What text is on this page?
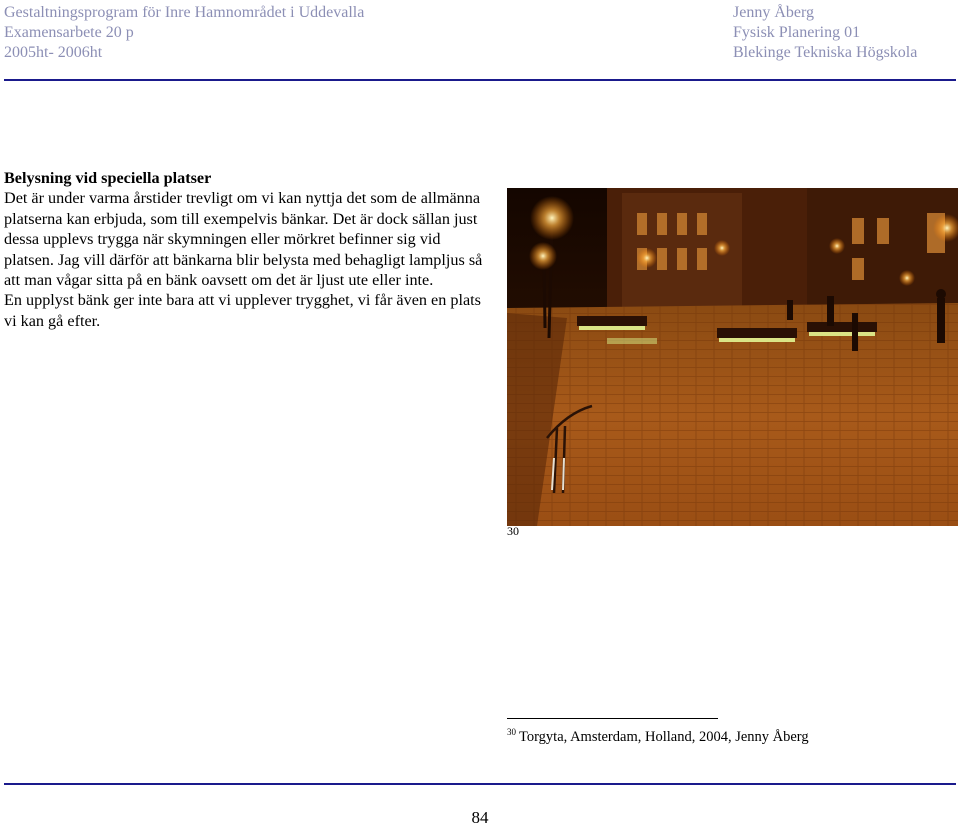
Gestaltningsprogram för Inre Hamnområdet i Uddevalla
Examensarbete 20 p
2005ht- 2006ht
Jenny Åberg
Fysisk Planering 01
Blekinge Tekniska Högskola

Belysning vid speciella platser

Det är under varma årstider trevligt om vi kan nyttja det som de allmänna platserna kan erbjuda, som till exempelvis bänkar. Det är dock sällan just dessa upplevs trygga när skymningen eller mörkret befinner sig vid platsen. Jag vill därför att bänkarna blir belysta med behagligt lampljus så att man vågar sitta på en bänk oavsett om det är ljust ute eller inte.

En upplyst bänk ger inte bara att vi upplever trygghet, vi får även en plats vi kan gå efter.

30
$^{30}$ Torgyta, Amsterdam, Holland, 2004, Jenny Åberg
84
